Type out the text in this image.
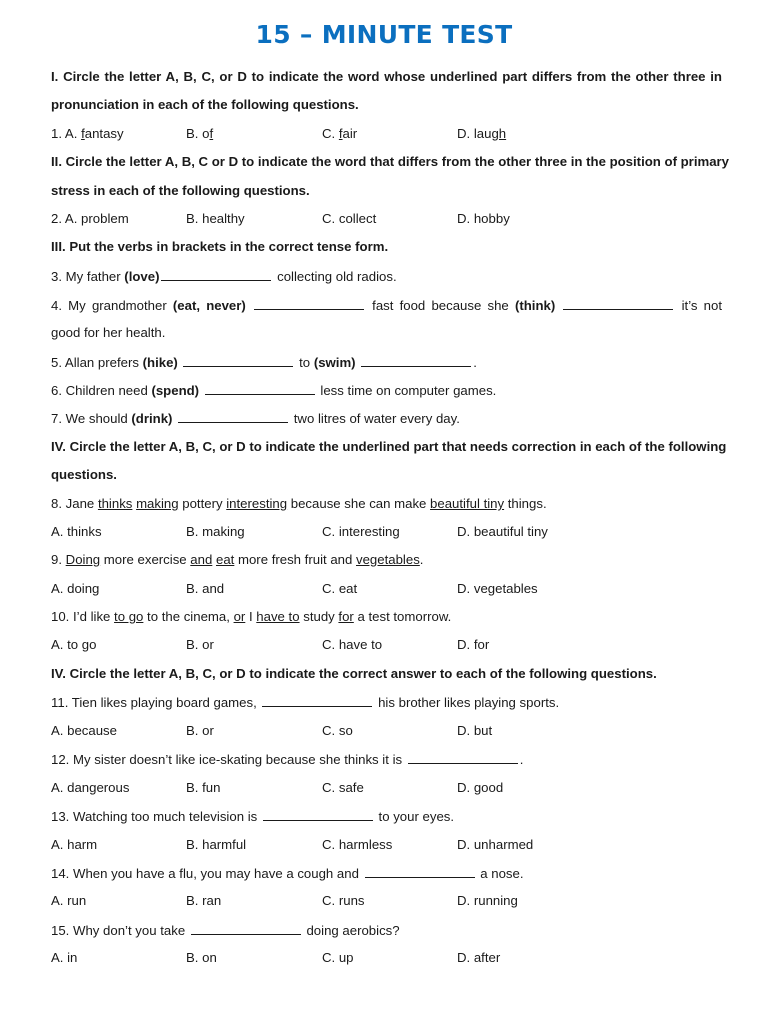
15 – MINUTE TEST
I. Circle the letter A, B, C, or D to indicate the word whose underlined part differs from the other three in
pronunciation in each of the following questions.
1. A. fantasy	B. of	C. fair	D. laugh
II. Circle the letter A, B, C or D to indicate the word that differs from the other three in the position of primary
stress in each of the following questions.
2. A. problem	B. healthy	C. collect	D. hobby
III. Put the verbs in brackets in the correct tense form.
3. My father (love)	collecting old radios.
4. My grandmother (eat, never)	fast food because she (think)	it’s not
good for her health.
5. Allan prefers (hike)	to (swim)	.
6. Children need (spend)	less time on computer games.
7. We should (drink)	two litres of water every day.
IV. Circle the letter A, B, C, or D to indicate the underlined part that needs correction in each of the following
questions.
8. Jane thinks making pottery interesting because she can make beautiful tiny things.
A. thinks	B. making	C. interesting	D. beautiful tiny
9. Doing more exercise and eat more fresh fruit and vegetables.
A. doing	B. and	C. eat	D. vegetables
10. I’d like to go to the cinema, or I have to study for a test tomorrow.
A. to go	B. or	C. have to	D. for
IV. Circle the letter A, B, C, or D to indicate the correct answer to each of the following questions.
11. Tien likes playing board games,	his brother likes playing sports.
A. because	B. or	C. so	D. but
12. My sister doesn’t like ice-skating because she thinks it is	.
A. dangerous	B. fun	C. safe	D. good
13. Watching too much television is	to your eyes.
A. harm	B. harmful	C. harmless	D. unharmed
14. When you have a flu, you may have a cough and	a nose.
A. run	B. ran	C. runs	D. running
15. Why don’t you take	doing aerobics?
A. in	B. on	C. up	D. after
